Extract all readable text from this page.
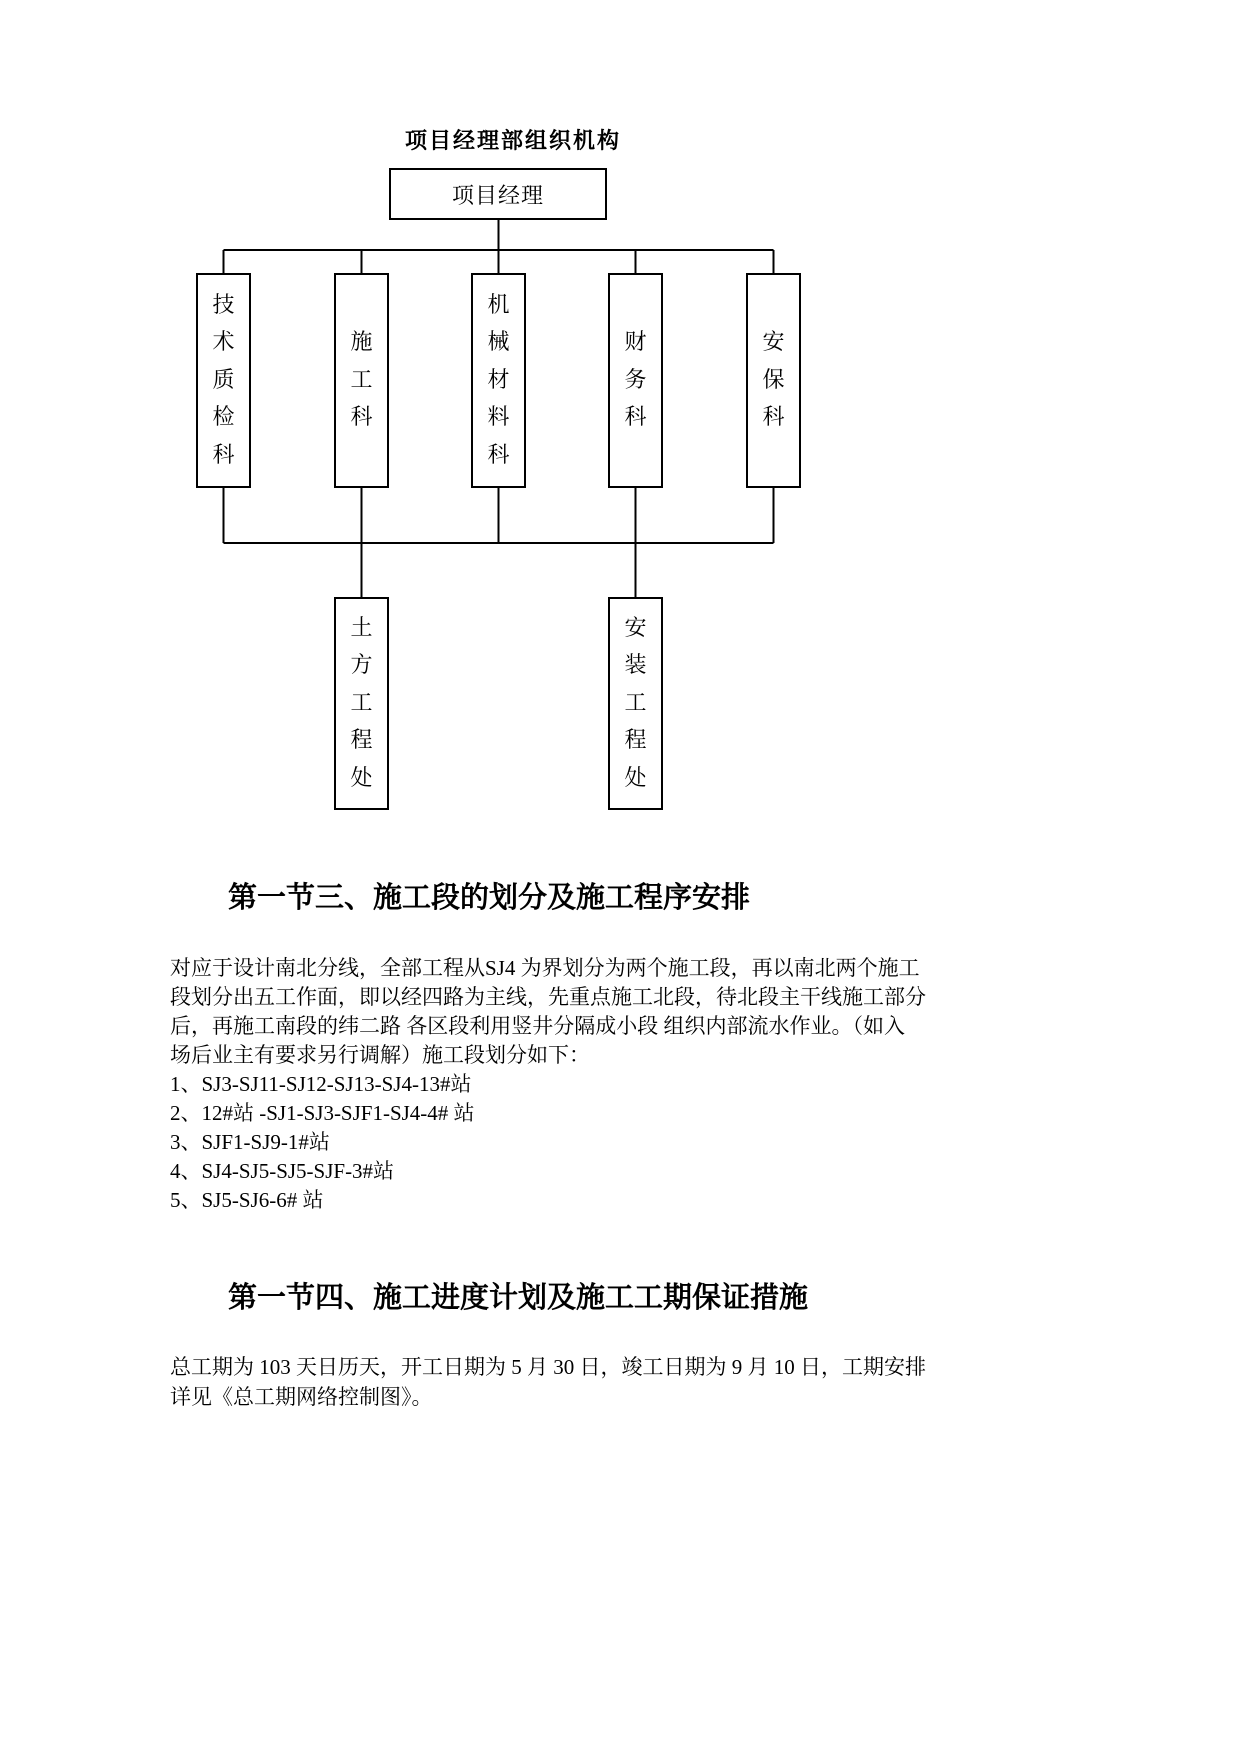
项目经理部组织机构
项目经理
技术质检科
施工科
机械材料科
财务科
安保科
土方工程处
安装工程处
第一节三、施工段的划分及施工程序安排
对应于设计南北分线，全部工程从SJ4 为界划分为两个施工段，再以南北两个施工
段划分出五工作面，即以经四路为主线，先重点施工北段，待北段主干线施工部分
后，再施工南段的纬二路 各区段利用竖井分隔成小段 组织内部流水作业。（如入
场后业主有要求另行调解）施工段划分如下：
1、SJ3-SJ11-SJ12-SJ13-SJ4-13#站
2、12#站 -SJ1-SJ3-SJF1-SJ4-4# 站
3、SJF1-SJ9-1#站
4、SJ4-SJ5-SJ5-SJF-3#站
5、SJ5-SJ6-6# 站
第一节四、施工进度计划及施工工期保证措施
总工期为 103 天日历天，开工日期为 5 月 30 日，竣工日期为 9 月 10 日，工期安排
详见《总工期网络控制图》。
